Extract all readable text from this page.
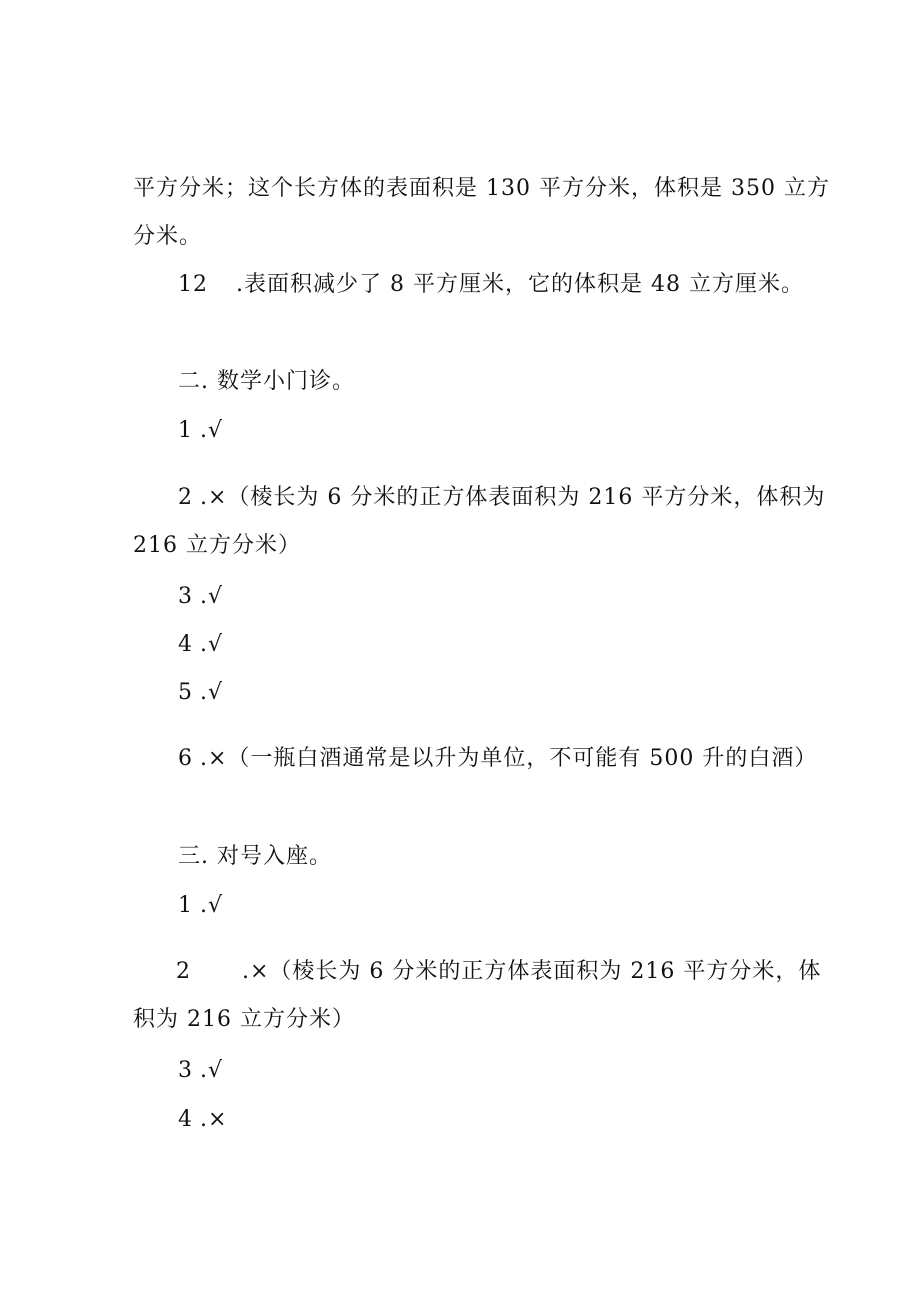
平方分米；这个长方体的表面积是 130 平方分米，体积是 350 立方
分米。
12 .表面积减少了 8 平方厘米，它的体积是 48 立方厘米。
二. 数学小门诊。
1 .√
2 .×（棱长为 6 分米的正方体表面积为 216 平方分米，体积为
216 立方分米）
3 .√
4 .√
5 .√
6 .×（一瓶白酒通常是以升为单位，不可能有 500 升的白酒）
三. 对号入座。
1 .√
2 .×（棱长为 6 分米的正方体表面积为 216 平方分米，体
积为 216 立方分米）
3 .√
4 .×
